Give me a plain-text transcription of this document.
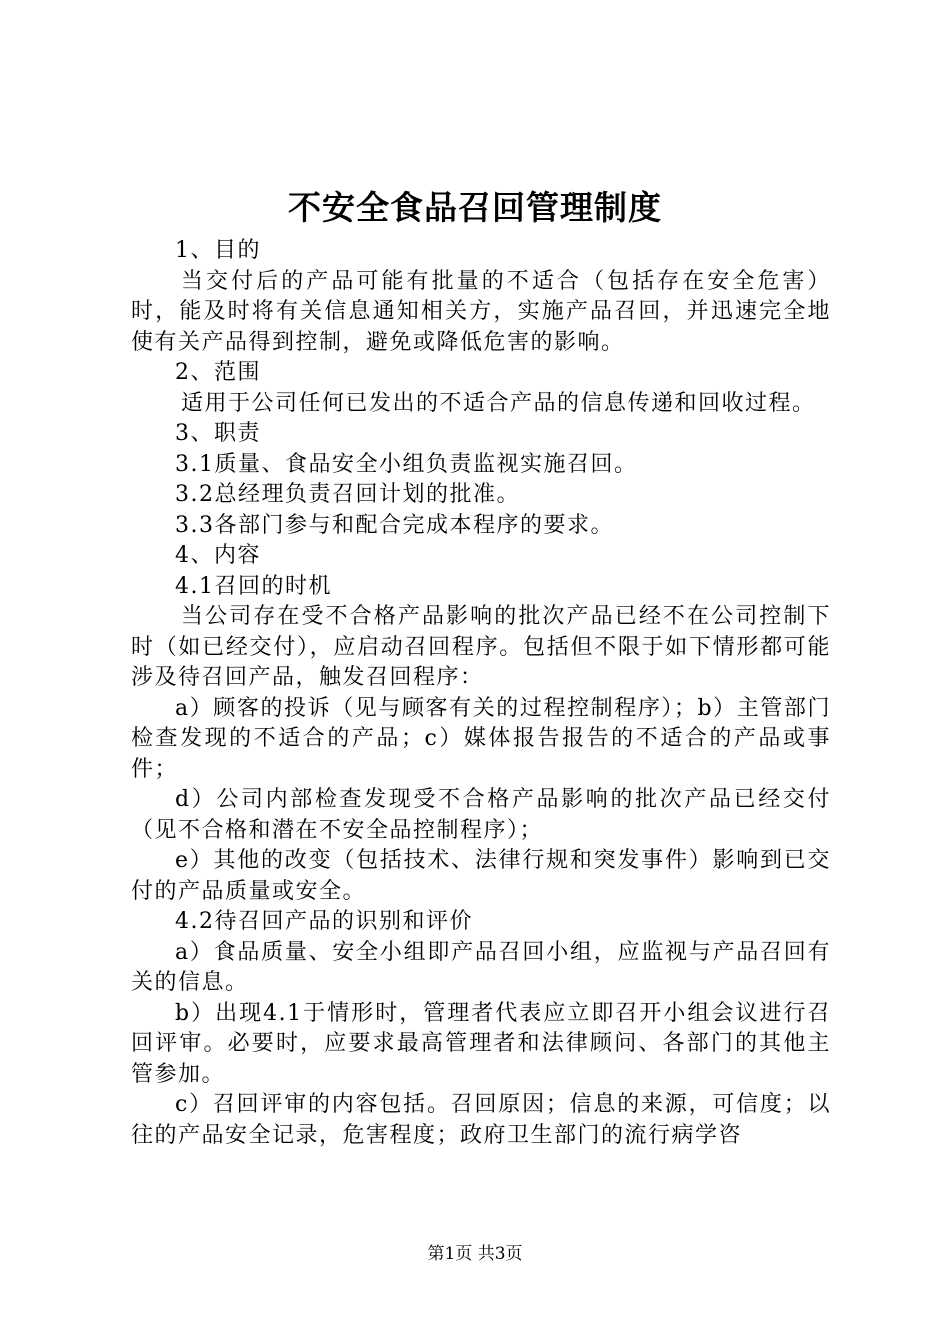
不安全食品召回管理制度

1、目的

当交付后的产品可能有批量的不适合（包括存在安全危害）时，能及时将有关信息通知相关方，实施产品召回，并迅速完全地使有关产品得到控制，避免或降低危害的影响。

2、范围

适用于公司任何已发出的不适合产品的信息传递和回收过程。

3、职责

3.1质量、食品安全小组负责监视实施召回。

3.2总经理负责召回计划的批准。

3.3各部门参与和配合完成本程序的要求。

4、内容

4.1召回的时机

当公司存在受不合格产品影响的批次产品已经不在公司控制下时（如已经交付），应启动召回程序。包括但不限于如下情形都可能涉及待召回产品，触发召回程序：

a）顾客的投诉（见与顾客有关的过程控制程序）；b）主管部门检查发现的不适合的产品；c）媒体报告报告的不适合的产品或事件；

d）公司内部检查发现受不合格产品影响的批次产品已经交付（见不合格和潜在不安全品控制程序）；

e）其他的改变（包括技术、法律行规和突发事件）影响到已交付的产品质量或安全。

4.2待召回产品的识别和评价

a）食品质量、安全小组即产品召回小组，应监视与产品召回有关的信息。

b）出现4.1于情形时，管理者代表应立即召开小组会议进行召回评审。必要时，应要求最高管理者和法律顾问、各部门的其他主管参加。

c）召回评审的内容包括。召回原因；信息的来源，可信度；以往的产品安全记录，危害程度；政府卫生部门的流行病学咨

第1页 共3页
